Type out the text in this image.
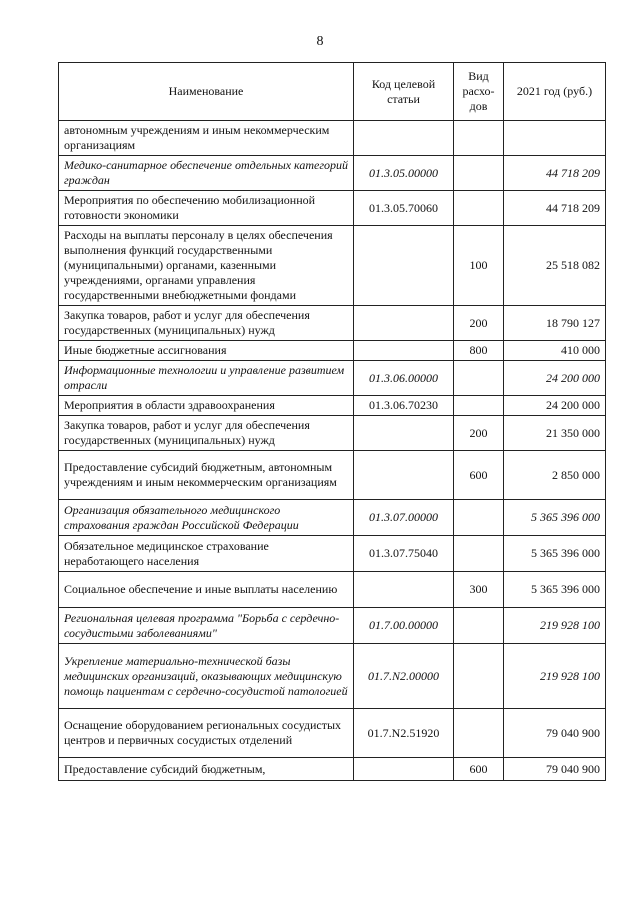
8
Наименование	Код целевой статьи	Вид расхо-дов	2021 год (руб.)
автономным учреждениям и иным некоммерческим организациям			
Медико-санитарное обеспечение отдельных категорий граждан	01.3.05.00000		44 718 209
Мероприятия по обеспечению мобилизационной готовности экономики	01.3.05.70060		44 718 209
Расходы на выплаты персоналу в целях обеспечения выполнения функций государственными (муниципальными) органами, казенными учреждениями, органами управления государственными внебюджетными фондами		100	25 518 082
Закупка товаров, работ и услуг для обеспечения государственных (муниципальных) нужд		200	18 790 127
Иные бюджетные ассигнования		800	410 000
Информационные технологии и управление развитием отрасли	01.3.06.00000		24 200 000
Мероприятия в области здравоохранения	01.3.06.70230		24 200 000
Закупка товаров, работ и услуг для обеспечения государственных (муниципальных) нужд		200	21 350 000
Предоставление субсидий бюджетным, автономным учреждениям и иным некоммерческим организациям		600	2 850 000
Организация обязательного медицинского страхования граждан Российской Федерации	01.3.07.00000		5 365 396 000
Обязательное медицинское страхование неработающего населения	01.3.07.75040		5 365 396 000
Социальное обеспечение и иные выплаты населению		300	5 365 396 000
Региональная целевая программа "Борьба с сердечно-сосудистыми заболеваниями"	01.7.00.00000		219 928 100
Укрепление материально-технической базы медицинских организаций, оказывающих медицинскую помощь пациентам с сердечно-сосудистой патологией	01.7.N2.00000		219 928 100
Оснащение оборудованием региональных сосудистых центров и первичных сосудистых отделений	01.7.N2.51920		79 040 900
Предоставление субсидий бюджетным,		600	79 040 900
